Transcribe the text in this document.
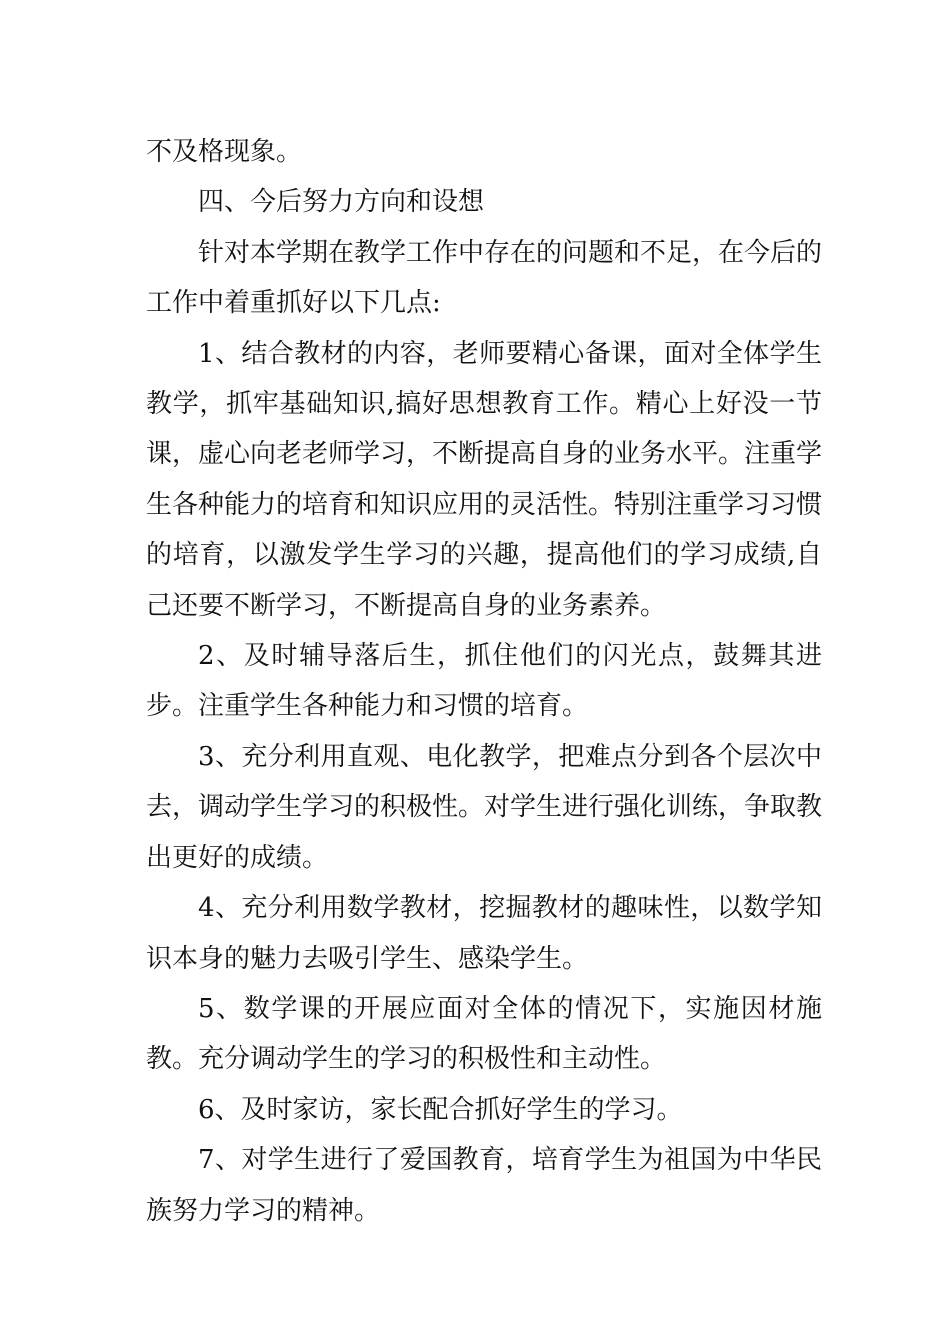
不及格现象。

四、今后努力方向和设想

针对本学期在教学工作中存在的问题和不足，在今后的工作中着重抓好以下几点:

1、结合教材的内容，老师要精心备课，面对全体学生教学，抓牢基础知识,搞好思想教育工作。精心上好没一节课，虚心向老老师学习，不断提高自身的业务水平。注重学生各种能力的培育和知识应用的灵活性。特别注重学习习惯的培育，以激发学生学习的兴趣，提高他们的学习成绩,自己还要不断学习，不断提高自身的业务素养。

2、及时辅导落后生，抓住他们的闪光点，鼓舞其进步。注重学生各种能力和习惯的培育。

3、充分利用直观、电化教学，把难点分到各个层次中去，调动学生学习的积极性。对学生进行强化训练，争取教出更好的成绩。

4、充分利用数学教材，挖掘教材的趣味性，以数学知识本身的魅力去吸引学生、感染学生。

5、数学课的开展应面对全体的情况下，实施因材施教。充分调动学生的学习的积极性和主动性。

6、及时家访，家长配合抓好学生的学习。

7、对学生进行了爱国教育，培育学生为祖国为中华民族努力学习的精神。
